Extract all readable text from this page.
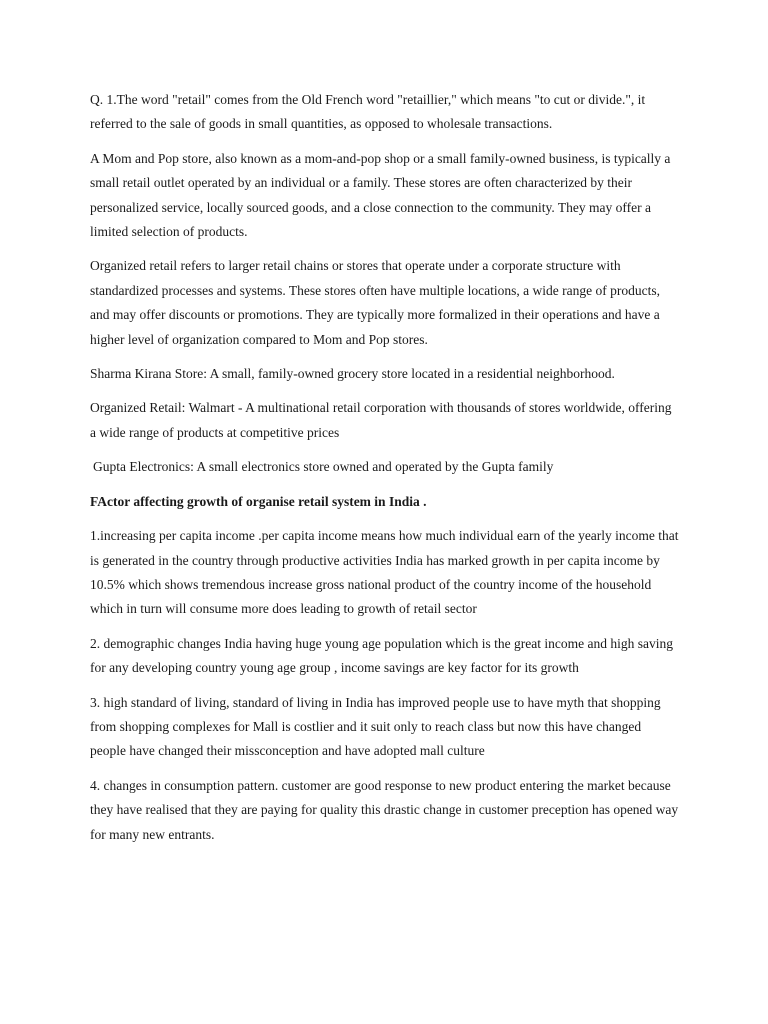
Q. 1.The word "retail" comes from the Old French word "retaillier," which means "to cut or divide.", it referred to the sale of goods in small quantities, as opposed to wholesale transactions.

A Mom and Pop store, also known as a mom-and-pop shop or a small family-owned business, is typically a small retail outlet operated by an individual or a family. These stores are often characterized by their personalized service, locally sourced goods, and a close connection to the community. They may offer a limited selection of products.

Organized retail refers to larger retail chains or stores that operate under a corporate structure with standardized processes and systems. These stores often have multiple locations, a wide range of products, and may offer discounts or promotions. They are typically more formalized in their operations and have a higher level of organization compared to Mom and Pop stores.

Sharma Kirana Store: A small, family-owned grocery store located in a residential neighborhood.

Organized Retail: Walmart - A multinational retail corporation with thousands of stores worldwide, offering a wide range of products at competitive prices

Gupta Electronics: A small electronics store owned and operated by the Gupta family

FActor affecting growth of organise retail system in India .

1.increasing per capita income .per capita income means how much individual earn of the yearly income that is generated in the country through productive activities India has marked growth in per capita income by 10.5% which shows tremendous increase gross national product of the country income of the household which in turn will consume more does leading to growth of retail sector

2. demographic changes India having huge young age population which is the great income and high saving for any developing country young age group , income savings are key factor for its growth

3. high standard of living, standard of living in India has improved people use to have myth that shopping from shopping complexes for Mall is costlier and it suit only to reach class but now this have changed people have changed their missconception and have adopted mall culture

4. changes in consumption pattern. customer are good response to new product entering the market because they have realised that they are paying for quality this drastic change in customer preception has opened way for many new entrants.
